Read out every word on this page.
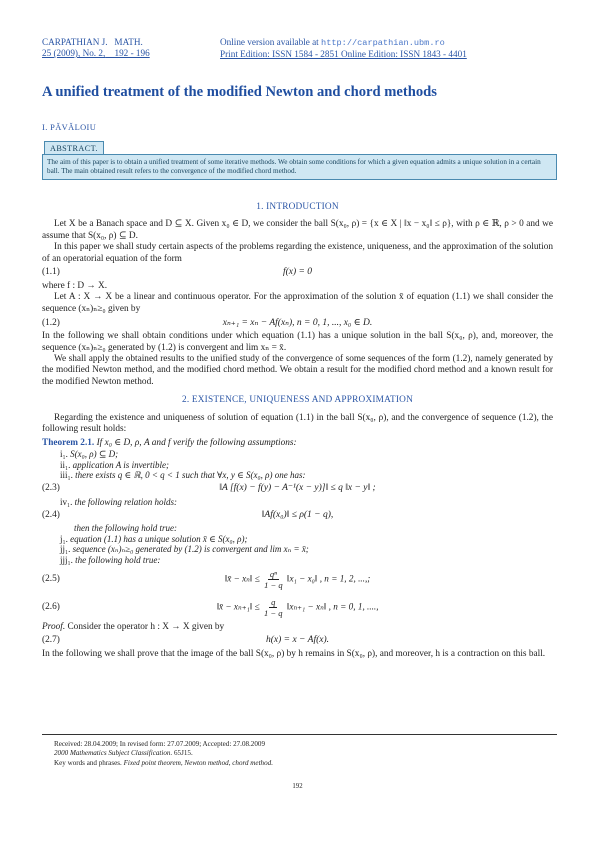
CARPATHIAN J. MATH.
25 (2009), No. 2, 192 - 196
Online version available at http://carpathian.ubm.ro
Print Edition: ISSN 1584 - 2851 Online Edition: ISSN 1843 - 4401
A unified treatment of the modified Newton and chord methods
I. PĂVĂLOIU
ABSTRACT.
The aim of this paper is to obtain a unified treatment of some iterative methods. We obtain some conditions for which a given equation admits a unique solution in a certain ball. The main obtained result refers to the convergence of the modified chord method.
1. INTRODUCTION

Let X be a Banach space and D ⊆ X. Given x₀ ∈ D, we consider the ball S(x₀, ρ) = {x ∈ X | ‖x − x₀‖ ≤ ρ}, with ρ ∈ ℝ, ρ > 0 and we assume that S(x₀, ρ) ⊆ D.

In this paper we shall study certain aspects of the problems regarding the existence, uniqueness, and the approximation of the solution of an operatorial equation of the form

(1.1)	f(x) = 0

where f : D → X.

Let A : X → X be a linear and continuous operator. For the approximation of the solution x̄ of equation (1.1) we shall consider the sequence (xₙ)ₙ≥₀ given by

(1.2)	xₙ₊₁ = xₙ − Af(xₙ), n = 0, 1, ..., x₀ ∈ D.

In the following we shall obtain conditions under which equation (1.1) has a unique solution in the ball S(x₀, ρ), and, moreover, the sequence (xₙ)ₙ≥₀ generated by (1.2) is convergent and lim xₙ = x̄.

We shall apply the obtained results to the unified study of the convergence of some sequences of the form (1.2), namely generated by the modified Newton method, and the modified chord method. We obtain a result for the modified chord method and a known result for the modified Newton method.

2. EXISTENCE, UNIQUENESS AND APPROXIMATION

Regarding the existence and uniqueness of solution of equation (1.1) in the ball S(x₀, ρ), and the convergence of sequence (1.2), the following result holds:

Theorem 2.1. If x₀ ∈ D, ρ, A and f verify the following assumptions:

i₁. S(x₀, ρ) ⊆ D;
ii₁. application A is invertible;
iii₁. there exists q ∈ ℝ, 0 < q < 1 such that ∀x, y ∈ S(x₀, ρ) one has:
(2.3)	‖A [f(x) − f(y) − A⁻¹(x − y)]‖ ≤ q ‖x − y‖ ;
iv₁. the following relation holds:
(2.4)	‖Af(x₀)‖ ≤ ρ(1 − q),
then the following hold true:
j₁. equation (1.1) has a unique solution x̄ ∈ S(x₀, ρ);
jj₁. sequence (xₙ)ₙ≥₀ generated by (1.2) is convergent and lim xₙ = x̄;
jjj₁. the following hold true:
(2.5)	‖x̄ − xₙ‖ ≤ $\frac{\text{qⁿ}}{1 - q}$ ‖x₁ − x₀‖ , n = 1, 2, ...,;
(2.6)	‖x̄ − xₙ₊₁‖ ≤ $\frac{q}{1 - q}$ ‖xₙ₊₁ − xₙ‖ , n = 0, 1, ....,

Proof. Consider the operator h : X → X given by

(2.7)	h(x) = x − Af(x).

In the following we shall prove that the image of the ball S(x₀, ρ) by h remains in S(x₀, ρ), and moreover, h is a contraction on this ball.

Received: 28.04.2009; In revised form: 27.07.2009; Accepted: 27.08.2009
2000 Mathematics Subject Classification. 65J15.
Key words and phrases. Fixed point theorem, Newton method, chord method.
192
